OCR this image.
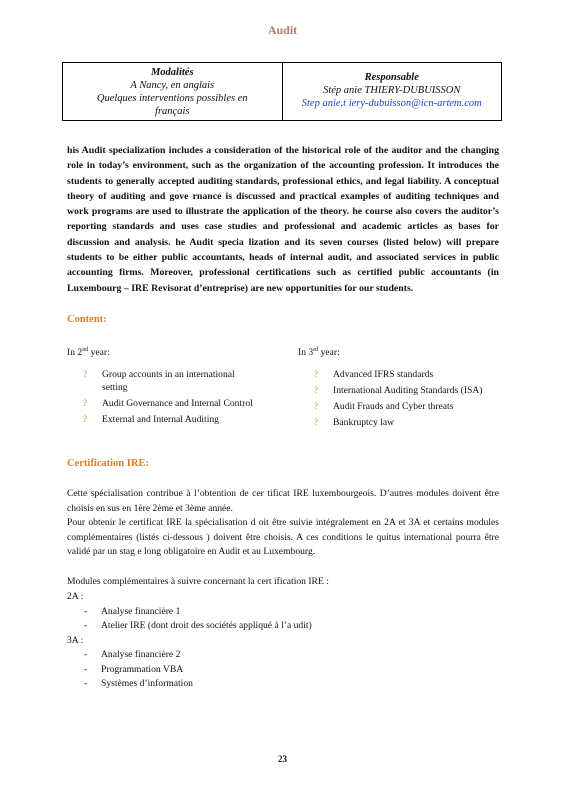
Audit
Modalités
A Nancy, en anglais
Quelques interventions possibles en
français
Responsable
Stép anie THIERY-DUBUISSON
Step anie.t iery-dubuisson@icn-artem.com
his Audit specialization includes a consideration of the historical role of the auditor and the changing role in today’s environment, such as the organization of the accounting profession. It introduces the students to generally accepted auditing standards, professional ethics, and legal liability. A conceptual theory of auditing and gove rnance is discussed and practical examples of auditing techniques and work programs are used to illustrate the application of the theory. he course also covers the auditor’s reporting standards and uses case studies and professional and academic articles as bases for discussion and analysis. he Audit specia lization and its seven courses (listed below) will prepare students to be either public accountants, heads of internal audit, and associated services in public accounting firms. Moreover, professional certifications such as certified public accountants (in Luxembourg – IRE Revisorat d’entreprise) are new opportunities for our students.
Content:
In 2nd year:	In 3rd year:
? Group accounts in an international setting
? Audit Governance and Internal Control
? External and Internal Auditing
? Advanced IFRS standards
? International Auditing Standards (ISA)
? Audit Frauds and Cyber threats
? Bankruptcy law
Certification IRE:
Cette spécialisation contribue à l’obtention de cer tificat IRE luxembourgeois. D’autres modules doivent être choisis en sus en 1ère 2ème et 3ème année.
Pour obtenir le certificat IRE la spécialisation d oit être suivie intégralement en 2A et 3A et certains modules complémentaires (listés ci-dessous ) doivent être choisis. A ces conditions le quitus international pourra être validé par un stag e long obligatoire en Audit et au Luxembourg.
Modules complémentaires à suivre concernant la cert ification IRE :
2A :
- Analyse financière 1
- Atelier IRE (dont droit des sociétés appliqué à l’a udit)
3A :
- Analyse financière 2
- Programmation VBA
- Systèmes d’information
23
